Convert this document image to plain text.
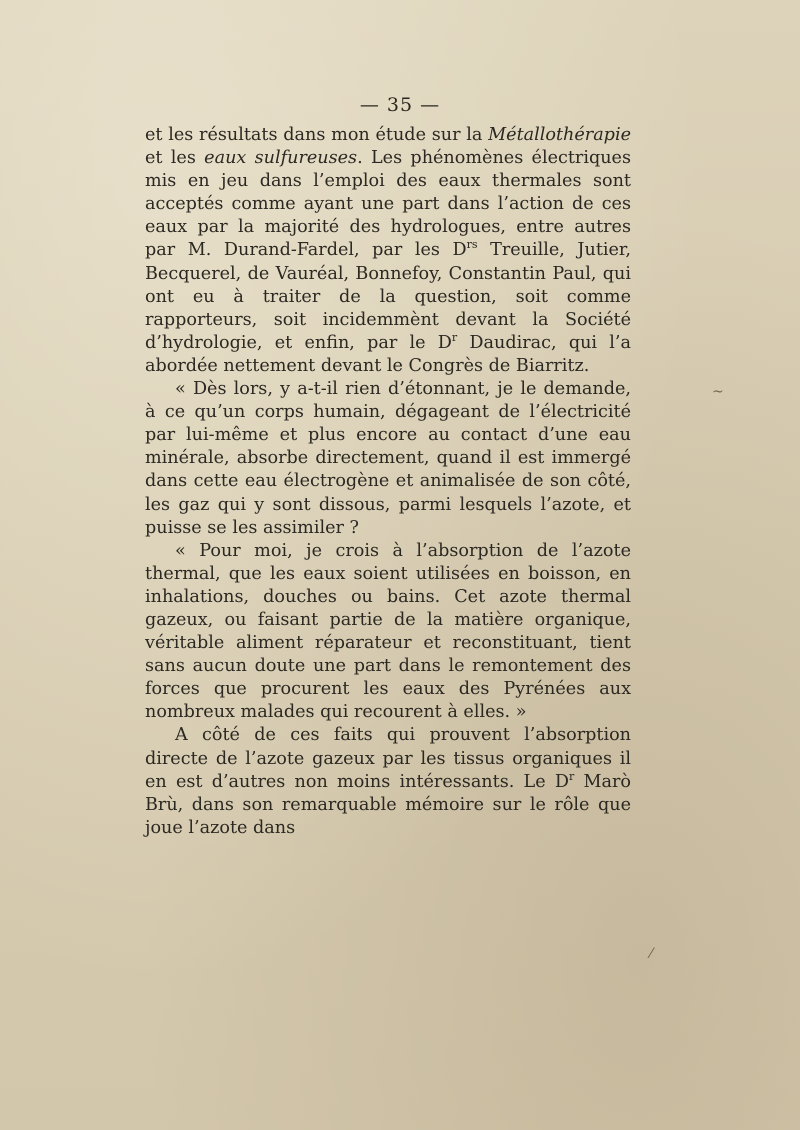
— 35 —

et les résultats dans mon étude sur la Métallothérapie et les eaux sulfureuses. Les phénomènes électriques mis en jeu dans l’emploi des eaux thermales sont acceptés comme ayant une part dans l’action de ces eaux par la majorité des hydrologues, entre autres par M. Durand-Fardel, par les $D^{rs}$ Treuille, Jutier, Becquerel, de Vauréal, Bonnefoy, Constantin Paul, qui ont eu à traiter de la question, soit comme rapporteurs, soit incidemmènt devant la Société d’hydrologie, et enfin, par le $D^r$ Daudirac, qui l’a abordée nettement devant le Congrès de Biarritz.

« Dès lors, y a-t-il rien d’étonnant, je le demande, à ce qu’un corps humain, dégageant de l’électricité par lui-même et plus encore au contact d’une eau minérale, absorbe directement, quand il est immergé dans cette eau électrogène et animalisée de son côté, les gaz qui y sont dissous, parmi lesquels l’azote, et puisse se les assimiler ?

« Pour moi, je crois à l’absorption de l’azote thermal, que les eaux soient utilisées en boisson, en inhalations, douches ou bains. Cet azote thermal gazeux, ou faisant partie de la matière organique, véritable aliment réparateur et reconstituant, tient sans aucun doute une part dans le remontement des forces que procurent les eaux des Pyrénées aux nombreux malades qui recourent à elles. »

A côté de ces faits qui prouvent l’absorption directe de l’azote gazeux par les tissus organiques il en est d’autres non moins intéressants. Le $D^r$ Marò Brù, dans son remarquable mémoire sur le rôle que joue l’azote dans

~
⁄
